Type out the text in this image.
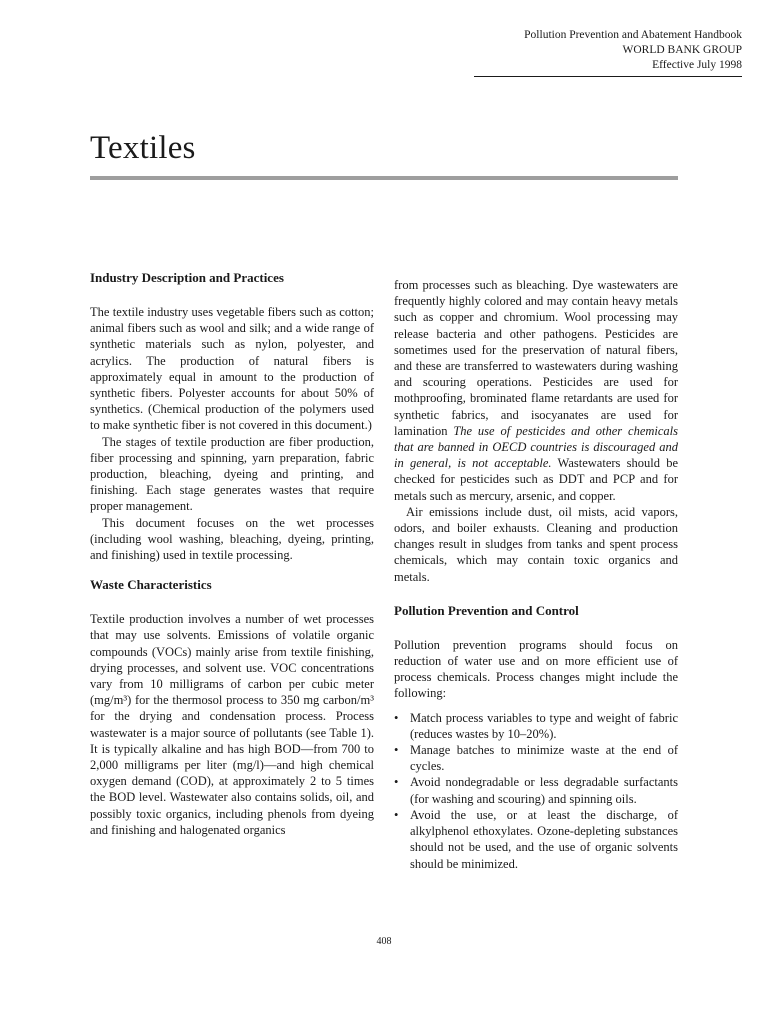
Pollution Prevention and Abatement Handbook
WORLD BANK GROUP
Effective July 1998
Textiles
Industry Description and Practices

The textile industry uses vegetable fibers such as cotton; animal fibers such as wool and silk; and a wide range of synthetic materials such as nylon, polyester, and acrylics. The production of natural fibers is approximately equal in amount to the production of synthetic fibers. Polyester accounts for about 50% of synthetics. (Chemical production of the polymers used to make synthetic fiber is not covered in this document.)

The stages of textile production are fiber production, fiber processing and spinning, yarn preparation, fabric production, bleaching, dyeing and printing, and finishing. Each stage generates wastes that require proper management.

This document focuses on the wet processes (including wool washing, bleaching, dyeing, printing, and finishing) used in textile processing.

Waste Characteristics

Textile production involves a number of wet processes that may use solvents. Emissions of volatile organic compounds (VOCs) mainly arise from textile finishing, drying processes, and solvent use. VOC concentrations vary from 10 milligrams of carbon per cubic meter (mg/m³) for the thermosol process to 350 mg carbon/m³ for the drying and condensation process. Process wastewater is a major source of pollutants (see Table 1). It is typically alkaline and has high BOD—from 700 to 2,000 milligrams per liter (mg/l)—and high chemical oxygen demand (COD), at approximately 2 to 5 times the BOD level. Wastewater also contains solids, oil, and possibly toxic organics, including phenols from dyeing and finishing and halogenated organics

from processes such as bleaching. Dye wastewaters are frequently highly colored and may contain heavy metals such as copper and chromium. Wool processing may release bacteria and other pathogens. Pesticides are sometimes used for the preservation of natural fibers, and these are transferred to wastewaters during washing and scouring operations. Pesticides are used for mothproofing, brominated flame retardants are used for synthetic fabrics, and isocyanates are used for lamination The use of pesticides and other chemicals that are banned in OECD countries is discouraged and in general, is not acceptable. Wastewaters should be checked for pesticides such as DDT and PCP and for metals such as mercury, arsenic, and copper.

Air emissions include dust, oil mists, acid vapors, odors, and boiler exhausts. Cleaning and production changes result in sludges from tanks and spent process chemicals, which may contain toxic organics and metals.

Pollution Prevention and Control

Pollution prevention programs should focus on reduction of water use and on more efficient use of process chemicals. Process changes might include the following:

• Match process variables to type and weight of fabric (reduces wastes by 10–20%).
• Manage batches to minimize waste at the end of cycles.
• Avoid nondegradable or less degradable surfactants (for washing and scouring) and spinning oils.
• Avoid the use, or at least the discharge, of alkylphenol ethoxylates. Ozone-depleting substances should not be used, and the use of organic solvents should be minimized.
408
